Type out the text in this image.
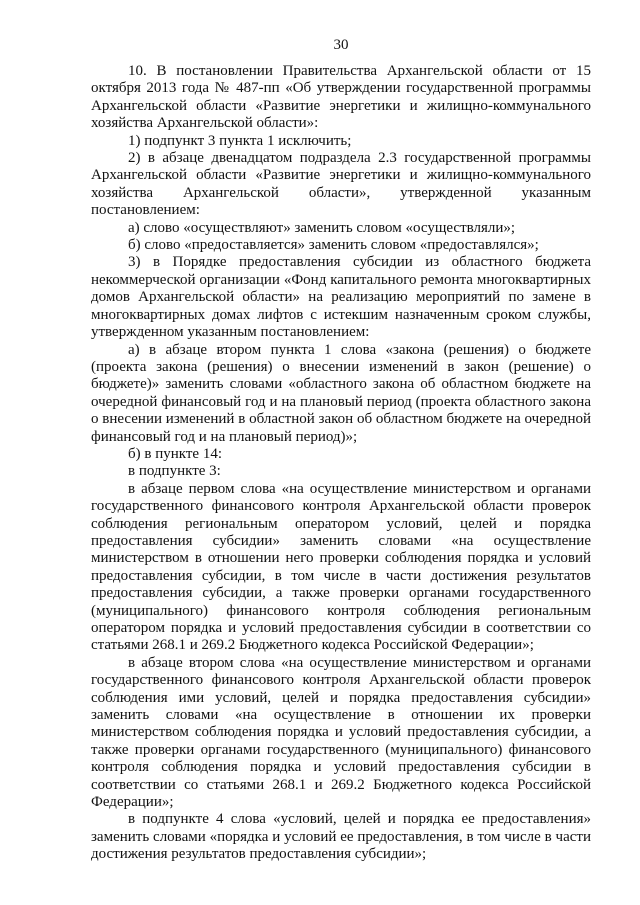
30

10. В постановлении Правительства Архангельской области от 15 октября 2013 года № 487-пп «Об утверждении государственной программы Архангельской области «Развитие энергетики и жилищно-коммунального хозяйства Архангельской области»:

1) подпункт 3 пункта 1 исключить;

2) в абзаце двенадцатом подраздела 2.3 государственной программы Архангельской области «Развитие энергетики и жилищно-коммунального хозяйства Архангельской области», утвержденной указанным постановлением:

а) слово «осуществляют» заменить словом «осуществляли»;

б) слово «предоставляется» заменить словом «предоставлялся»;

3) в Порядке предоставления субсидии из областного бюджета некоммерческой организации «Фонд капитального ремонта многоквартирных домов Архангельской области» на реализацию мероприятий по замене в многоквартирных домах лифтов с истекшим назначенным сроком службы, утвержденном указанным постановлением:

а) в абзаце втором пункта 1 слова «закона (решения) о бюджете (проекта закона (решения) о внесении изменений в закон (решение) о бюджете)» заменить словами «областного закона об областном бюджете на очередной финансовый год и на плановый период (проекта областного закона о внесении изменений в областной закон об областном бюджете на очередной финансовый год и на плановый период)»;

б) в пункте 14:

в подпункте 3:

в абзаце первом слова «на осуществление министерством и органами государственного финансового контроля Архангельской области проверок соблюдения региональным оператором условий, целей и порядка предоставления субсидии» заменить словами «на осуществление министерством в отношении него проверки соблюдения порядка и условий предоставления субсидии, в том числе в части достижения результатов предоставления субсидии, а также проверки органами государственного (муниципального) финансового контроля соблюдения региональным оператором порядка и условий предоставления субсидии в соответствии со статьями 268.1 и 269.2 Бюджетного кодекса Российской Федерации»;

в абзаце втором слова «на осуществление министерством и органами государственного финансового контроля Архангельской области проверок соблюдения ими условий, целей и порядка предоставления субсидии» заменить словами «на осуществление в отношении их проверки министерством соблюдения порядка и условий предоставления субсидии, а также проверки органами государственного (муниципального) финансового контроля соблюдения порядка и условий предоставления субсидии в соответствии со статьями 268.1 и 269.2 Бюджетного кодекса Российской Федерации»;

в подпункте 4 слова «условий, целей и порядка ее предоставления» заменить словами «порядка и условий ее предоставления, в том числе в части достижения результатов предоставления субсидии»;
